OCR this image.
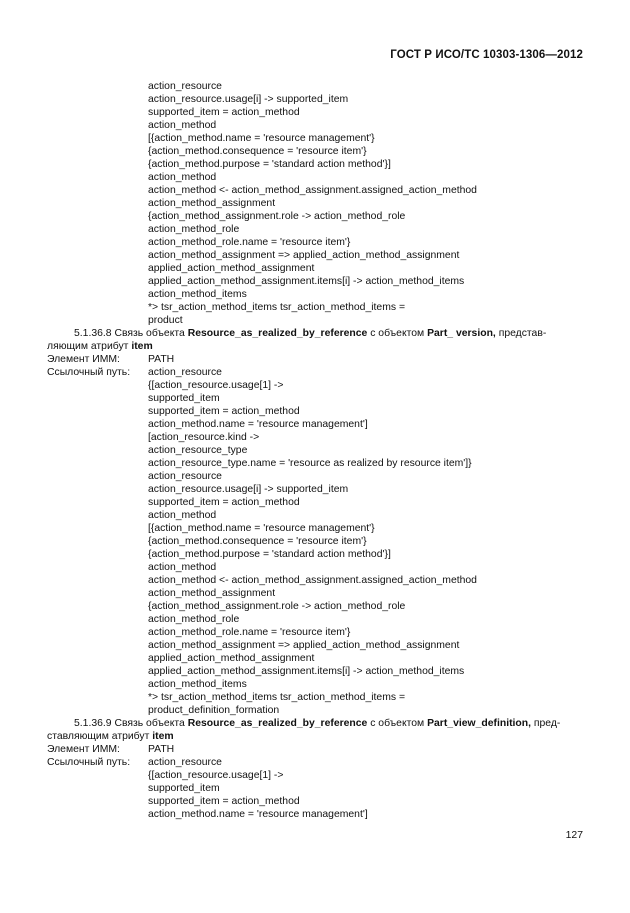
ГОСТ Р ИСО/ТС 10303-1306—2012
action_resource
action_resource.usage[i] -> supported_item
supported_item = action_method
action_method
[{action_method.name = 'resource management'}
{action_method.consequence = 'resource item'}
{action_method.purpose = 'standard action method'}]
action_method
action_method <- action_method_assignment.assigned_action_method
action_method_assignment
{action_method_assignment.role -> action_method_role
action_method_role
action_method_role.name = 'resource item'}
action_method_assignment => applied_action_method_assignment
applied_action_method_assignment
applied_action_method_assignment.items[i] -> action_method_items
action_method_items
*> tsr_action_method_items tsr_action_method_items =
product
5.1.36.8 Связь объекта Resource_as_realized_by_reference с объектом Part_ version, представ-
ляющим атрибут item
Элемент ИММ:	PATH
Ссылочный путь: action_resource
{[action_resource.usage[1] ->
supported_item
supported_item = action_method
action_method.name = 'resource management']
[action_resource.kind ->
action_resource_type
action_resource_type.name = 'resource as realized by resource item']}
action_resource
action_resource.usage[i] -> supported_item
supported_item = action_method
action_method
[{action_method.name = 'resource management'}
{action_method.consequence = 'resource item'}
{action_method.purpose = 'standard action method'}]
action_method
action_method <- action_method_assignment.assigned_action_method
action_method_assignment
{action_method_assignment.role -> action_method_role
action_method_role
action_method_role.name = 'resource item'}
action_method_assignment => applied_action_method_assignment
applied_action_method_assignment
applied_action_method_assignment.items[i] -> action_method_items
action_method_items
*> tsr_action_method_items tsr_action_method_items =
product_definition_formation
5.1.36.9 Связь объекта Resource_as_realized_by_reference с объектом Part_view_definition, пред-
ставляющим атрибут item
Элемент ИММ:	PATH
Ссылочный путь: action_resource
{[action_resource.usage[1] ->
supported_item
supported_item = action_method
action_method.name = 'resource management']
127
